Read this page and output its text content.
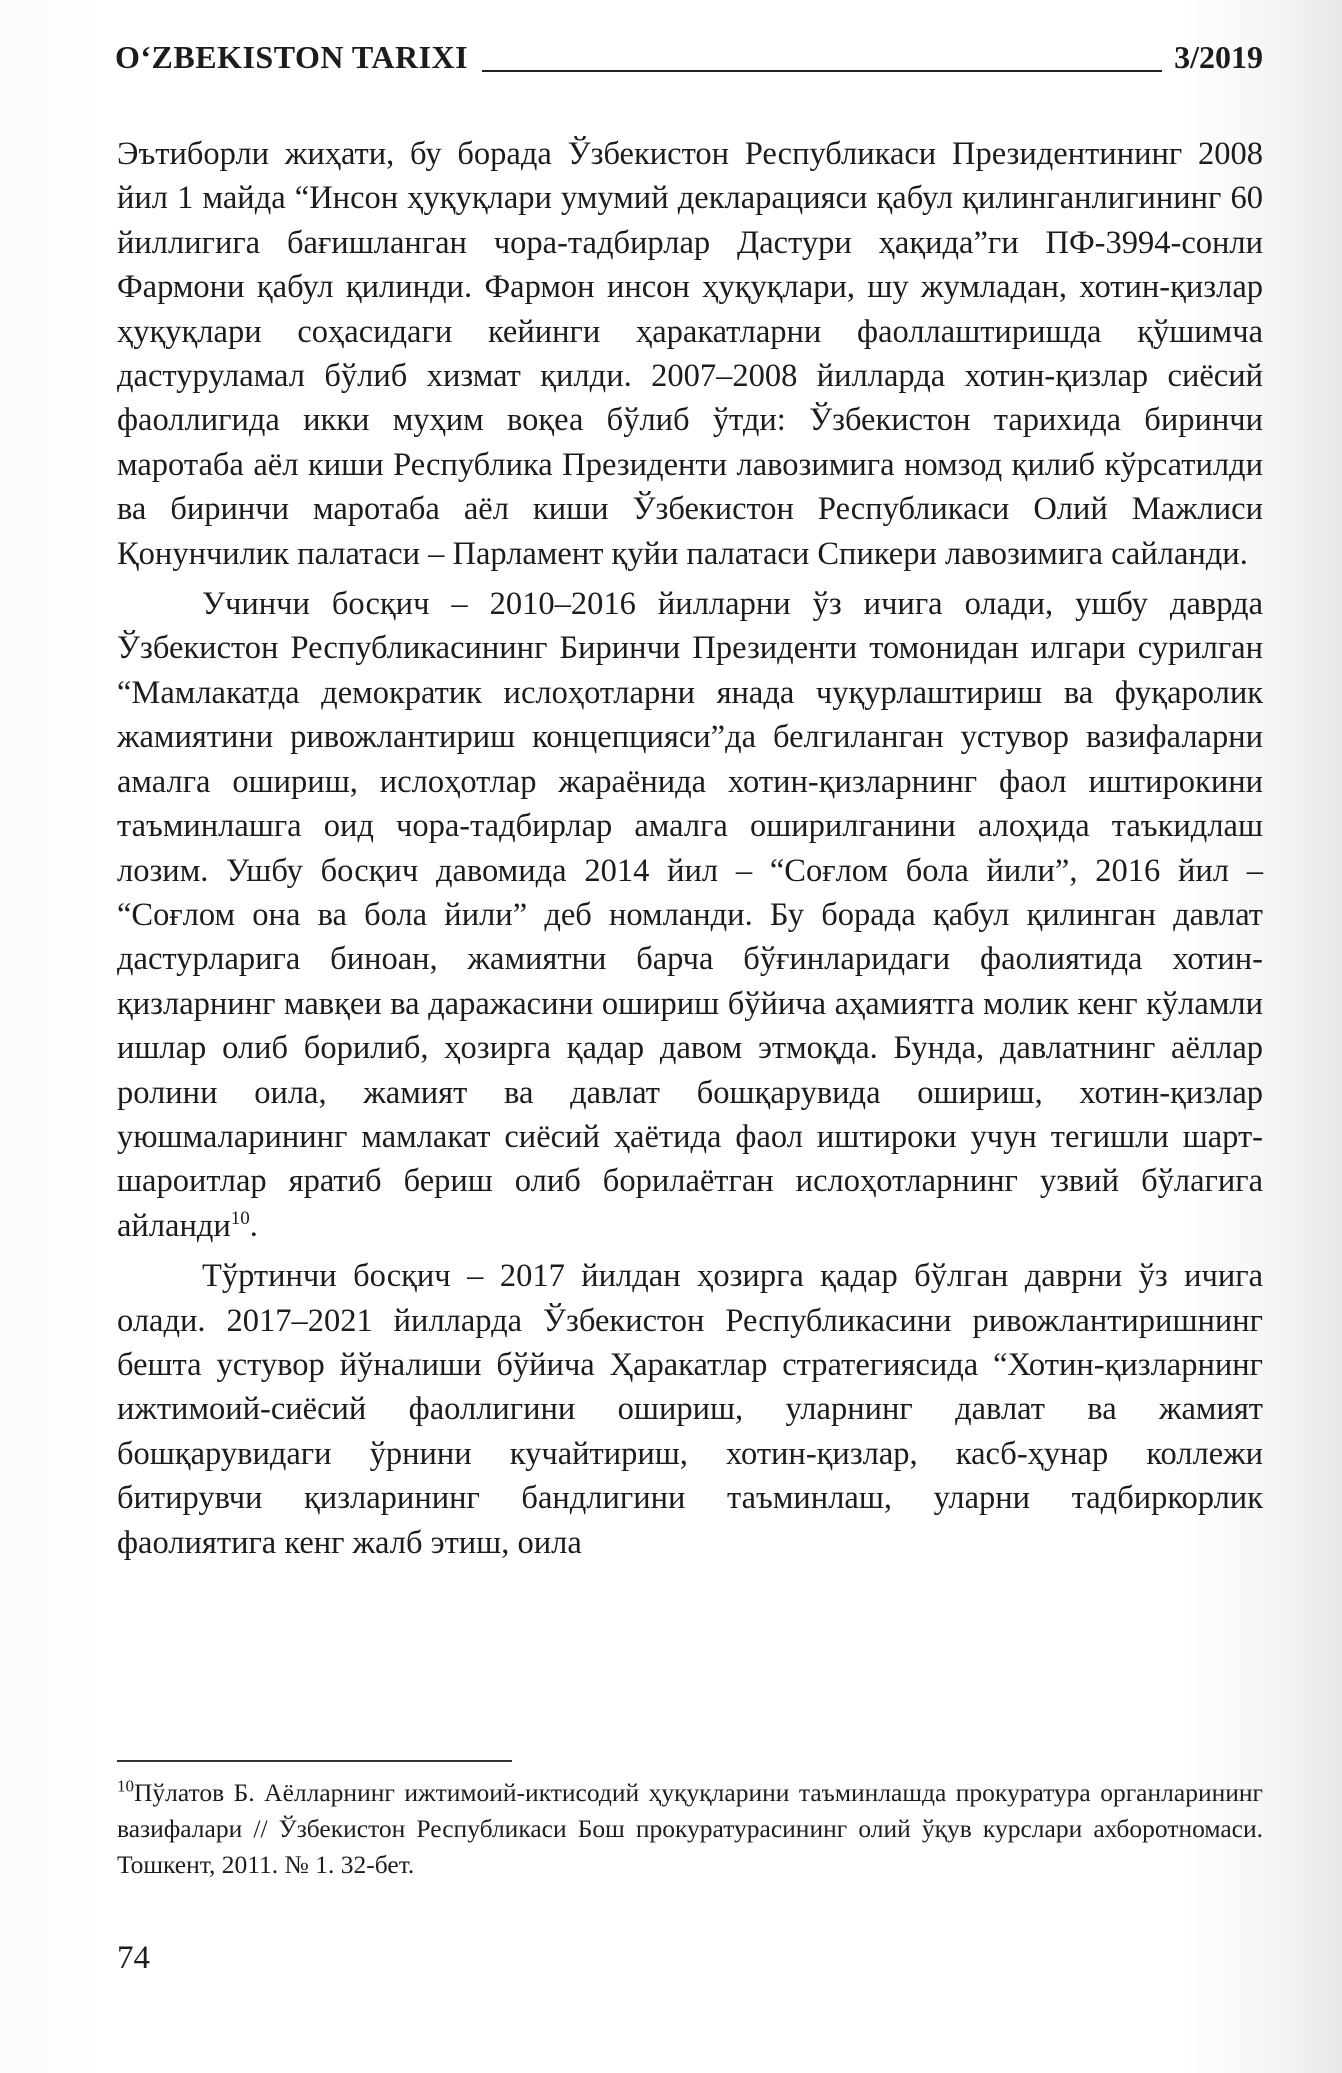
O‘ZBEKISTON TARIXI	3/2019

Эътиборли жиҳати, бу борада Ўзбекистон Республикаси Президентининг 2008 йил 1 майда “Инсон ҳуқуқлари умумий декларацияси қабул қилинганлигининг 60 йиллигига бағишланган чора-тадбирлар Дастури ҳақида”ги ПФ-3994-сонли Фармони қабул қилинди. Фармон инсон ҳуқуқлари, шу жумладан, хотин-қизлар ҳуқуқлари соҳасидаги кейинги ҳаракатларни фаоллаштиришда қўшимча дастуруламал бўлиб хизмат қилди. 2007–2008 йилларда хотин-қизлар сиёсий фаоллигида икки муҳим воқеа бўлиб ўтди: Ўзбекистон тарихида биринчи маротаба аёл киши Республика Президенти лавозимига номзод қилиб кўрсатилди ва биринчи маротаба аёл киши Ўзбекистон Республикаси Олий Мажлиси Қонунчилик палатаси – Парламент қуйи палатаси Спикери лавозимига сайланди.

Учинчи босқич – 2010–2016 йилларни ўз ичига олади, ушбу даврда Ўзбекистон Республикасининг Биринчи Президенти томонидан илгари сурилган “Мамлакатда демократик ислоҳотларни янада чуқурлаштириш ва фуқаролик жамиятини ривожлантириш концепцияси”да белгиланган устувор вазифаларни амалга ошириш, ислоҳотлар жараёнида хотин-қизларнинг фаол иштирокини таъминлашга оид чора-тадбирлар амалга оширилганини алоҳида таъкидлаш лозим. Ушбу босқич давомида 2014 йил – “Соғлом бола йили”, 2016 йил – “Соғлом она ва бола йили” деб номланди. Бу борада қабул қилинган давлат дастурларига биноан, жамиятни барча бўғинларидаги фаолиятида хотин-қизларнинг мавқеи ва даражасини ошириш бўйича аҳамиятга молик кенг кўламли ишлар олиб борилиб, ҳозирга қадар давом этмоқда. Бунда, давлатнинг аёллар ролини оила, жамият ва давлат бошқарувида ошириш, хотин-қизлар уюшмаларининг мамлакат сиёсий ҳаётида фаол иштироки учун тегишли шарт-шароитлар яратиб бериш олиб борилаётган ислоҳотларнинг узвий бўлагига айланди$^{10}$.

Тўртинчи босқич – 2017 йилдан ҳозирга қадар бўлган даврни ўз ичига олади. 2017–2021 йилларда Ўзбекистон Республикасини ривожлантиришнинг бешта устувор йўналиши бўйича Ҳаракатлар стратегиясида “Хотин-қизларнинг ижтимоий-сиёсий фаоллигини ошириш, уларнинг давлат ва жамият бошқарувидаги ўрнини кучайтириш, хотин-қизлар, касб-ҳунар коллежи битирувчи қизларининг бандлигини таъминлаш, уларни тадбиркорлик фаолиятига кенг жалб этиш, оила

$^{10}$Пўлатов Б. Аёлларнинг ижтимоий-иктисодий ҳуқуқларини таъминлашда прокуратура органларининг вазифалари // Ўзбекистон Республикаси Бош прокуратурасининг олий ўқув курслари ахборотномаси. Тошкент, 2011. № 1. 32-бет.
74
